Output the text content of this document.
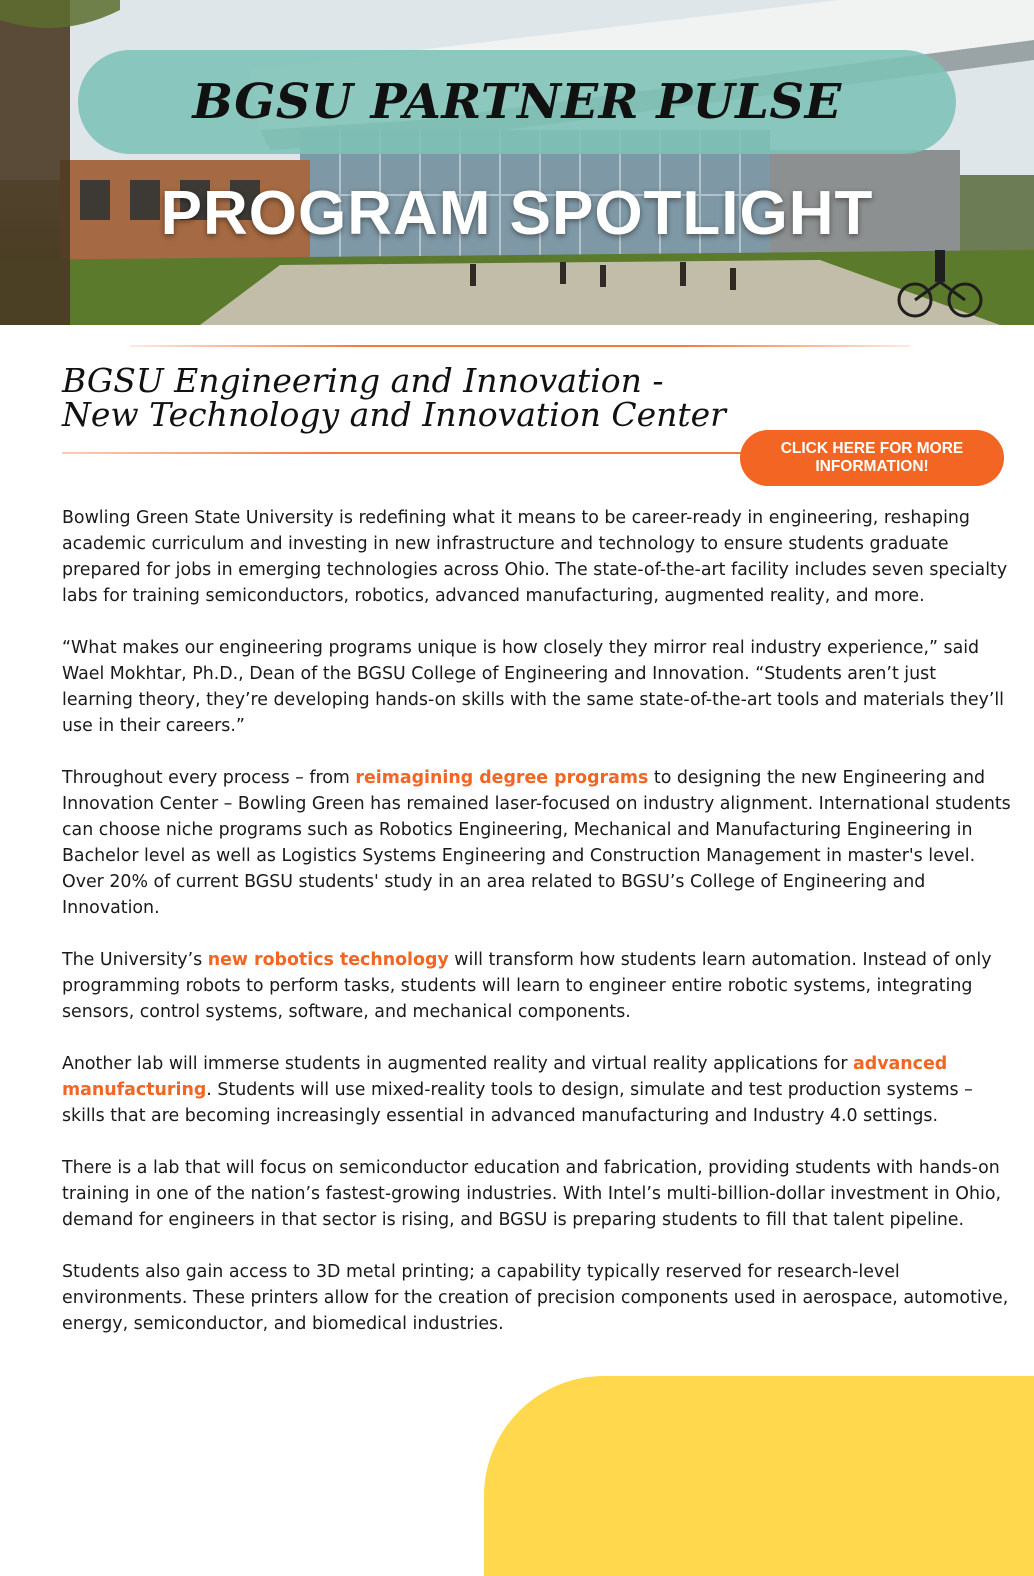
BGSU PARTNER PULSE
PROGRAM SPOTLIGHT
BGSU Engineering and Innovation -
New Technology and Innovation Center
CLICK HERE FOR MORE
INFORMATION!

Bowling Green State University is redefining what it means to be career-ready in engineering, reshaping academic curriculum and investing in new infrastructure and technology to ensure students graduate prepared for jobs in emerging technologies across Ohio. The state-of-the-art facility includes seven specialty labs for training semiconductors, robotics, advanced manufacturing, augmented reality, and more.

“What makes our engineering programs unique is how closely they mirror real industry experience,” said Wael Mokhtar, Ph.D., Dean of the BGSU College of Engineering and Innovation. “Students aren’t just learning theory, they’re developing hands-on skills with the same state-of-the-art tools and materials they’ll use in their careers.”

Throughout every process – from reimagining degree programs to designing the new Engineering and Innovation Center – Bowling Green has remained laser-focused on industry alignment. International students can choose niche programs such as Robotics Engineering, Mechanical and Manufacturing Engineering in Bachelor level as well as Logistics Systems Engineering and Construction Management in master's level. Over 20% of current BGSU students' study in an area related to BGSU’s College of Engineering and Innovation.

The University’s new robotics technology will transform how students learn automation. Instead of only programming robots to perform tasks, students will learn to engineer entire robotic systems, integrating sensors, control systems, software, and mechanical components.

Another lab will immerse students in augmented reality and virtual reality applications for advanced manufacturing. Students will use mixed-reality tools to design, simulate and test production systems – skills that are becoming increasingly essential in advanced manufacturing and Industry 4.0 settings.

There is a lab that will focus on semiconductor education and fabrication, providing students with hands-on training in one of the nation’s fastest-growing industries. With Intel’s multi-billion-dollar investment in Ohio, demand for engineers in that sector is rising, and BGSU is preparing students to fill that talent pipeline.

Students also gain access to 3D metal printing; a capability typically reserved for research-level environments. These printers allow for the creation of precision components used in aerospace, automotive, energy, semiconductor, and biomedical industries.
